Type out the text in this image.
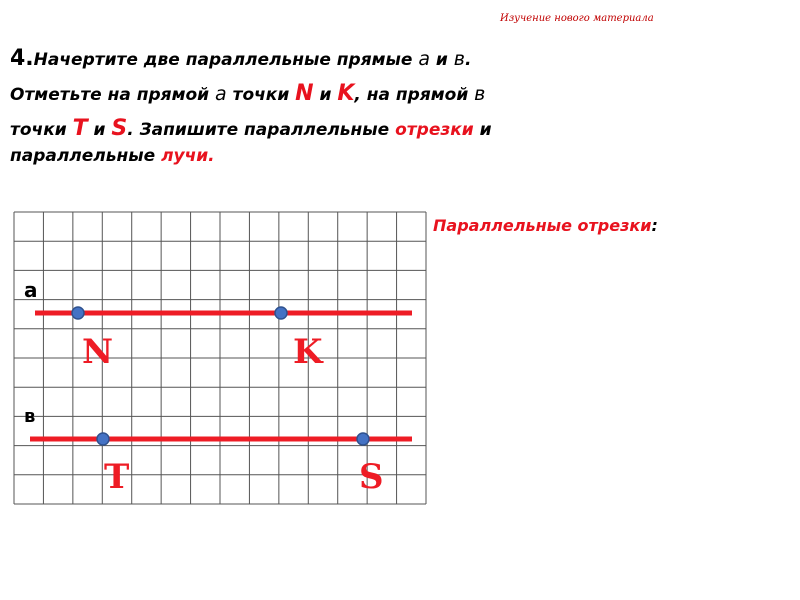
Изучение нового материала
4.Начертите две параллельные прямые а и в.
Отметьте на прямой а точки N и K, на прямой в
точки T и S. Запишите параллельные отрезки и
параллельные лучи.
Параллельные отрезки:
а
в
N	K
T	S
